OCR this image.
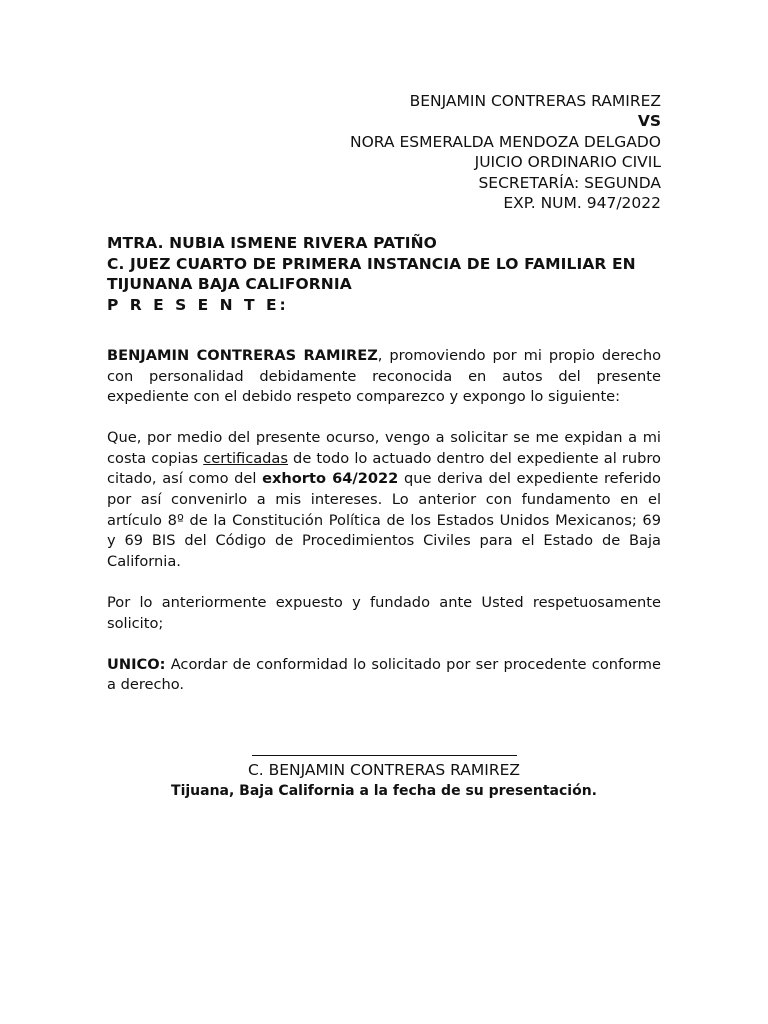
BENJAMIN CONTRERAS RAMIREZ
VS
NORA ESMERALDA MENDOZA DELGADO
JUICIO ORDINARIO CIVIL
SECRETARÍA: SEGUNDA
EXP. NUM. 947/2022
MTRA. NUBIA ISMENE RIVERA PATIÑO
C. JUEZ CUARTO DE PRIMERA INSTANCIA DE LO FAMILIAR EN
TIJUNANA BAJA CALIFORNIA
P R E S E N T E:

BENJAMIN CONTRERAS RAMIREZ, promoviendo por mi propio derecho con personalidad debidamente reconocida en autos del presente expediente con el debido respeto comparezco y expongo lo siguiente:

Que, por medio del presente ocurso, vengo a solicitar se me expidan a mi costa copias certificadas de todo lo actuado dentro del expediente al rubro citado, así como del exhorto 64/2022 que deriva del expediente referido por así convenirlo a mis intereses. Lo anterior con fundamento en el artículo 8º de la Constitución Política de los Estados Unidos Mexicanos; 69 y 69 BIS del Código de Procedimientos Civiles para el Estado de Baja California.

Por lo anteriormente expuesto y fundado ante Usted respetuosamente solicito;

UNICO: Acordar de conformidad lo solicitado por ser procedente conforme a derecho.

C. BENJAMIN CONTRERAS RAMIREZ
Tijuana, Baja California a la fecha de su presentación.
